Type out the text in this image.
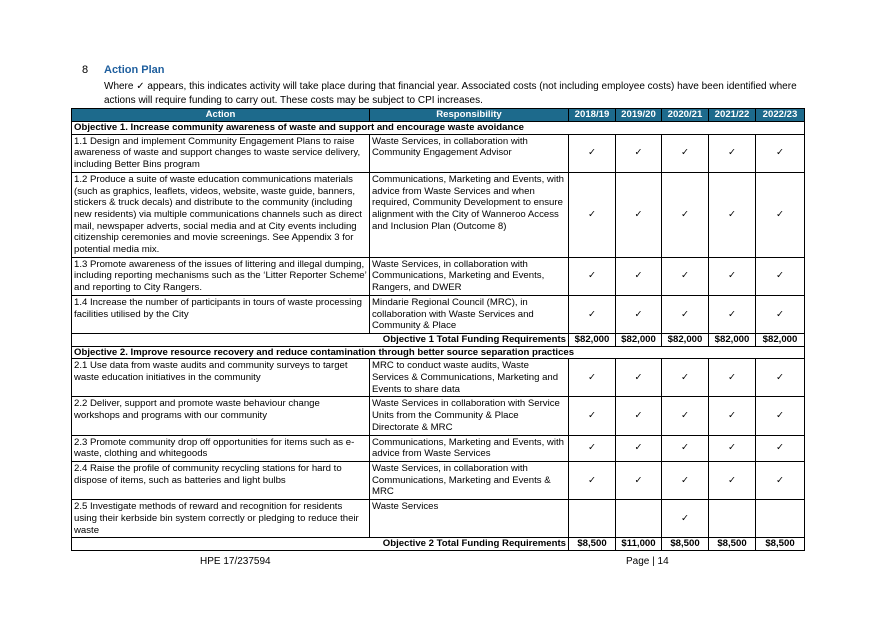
8 Action Plan
Where ✓ appears, this indicates activity will take place during that financial year. Associated costs (not including employee costs) have been identified where actions will require funding to carry out. These costs may be subject to CPI increases.
Action	Responsibility	2018/19	2019/20	2020/21	2021/22	2022/23
Objective 1. Increase community awareness of waste and support and encourage waste avoidance						
1.1 Design and implement Community Engagement Plans to raise awareness of waste and support changes to waste service delivery, including Better Bins program	Waste Services, in collaboration with Community Engagement Advisor	✓	✓	✓	✓	✓
1.2 Produce a suite of waste education communications materials (such as graphics, leaflets, videos, website, waste guide, banners, stickers & truck decals) and distribute to the community (including new residents) via multiple communications channels such as direct mail, newspaper adverts, social media and at City events including citizenship ceremonies and movie screenings. See Appendix 3 for potential media mix.	Communications, Marketing and Events, with advice from Waste Services and when required, Community Development to ensure alignment with the City of Wanneroo Access and Inclusion Plan (Outcome 8)	✓	✓	✓	✓	✓
1.3 Promote awareness of the issues of littering and illegal dumping, including reporting mechanisms such as the ‘Litter Reporter Scheme’ and reporting to City Rangers.	Waste Services, in collaboration with Communications, Marketing and Events, Rangers, and DWER	✓	✓	✓	✓	✓
1.4 Increase the number of participants in tours of waste processing facilities utilised by the City	Mindarie Regional Council (MRC), in collaboration with Waste Services and Community & Place	✓	✓	✓	✓	✓
Objective 1 Total Funding Requirements		$82,000	$82,000	$82,000	$82,000	$82,000
Objective 2. Improve resource recovery and reduce contamination through better source separation practices						
2.1 Use data from waste audits and community surveys to target waste education initiatives in the community	MRC to conduct waste audits, Waste Services & Communications, Marketing and Events to share data	✓	✓	✓	✓	✓
2.2 Deliver, support and promote waste behaviour change workshops and programs with our community	Waste Services in collaboration with Service Units from the Community & Place Directorate & MRC	✓	✓	✓	✓	✓
2.3 Promote community drop off opportunities for items such as e-waste, clothing and whitegoods	Communications, Marketing and Events, with advice from Waste Services	✓	✓	✓	✓	✓
2.4 Raise the profile of community recycling stations for hard to dispose of items, such as batteries and light bulbs	Waste Services, in collaboration with Communications, Marketing and Events & MRC	✓	✓	✓	✓	✓
2.5 Investigate methods of reward and recognition for residents using their kerbside bin system correctly or pledging to reduce their waste	Waste Services			✓		
Objective 2 Total Funding Requirements		$8,500	$11,000	$8,500	$8,500	$8,500
HPE 17/237594	Page | 14
